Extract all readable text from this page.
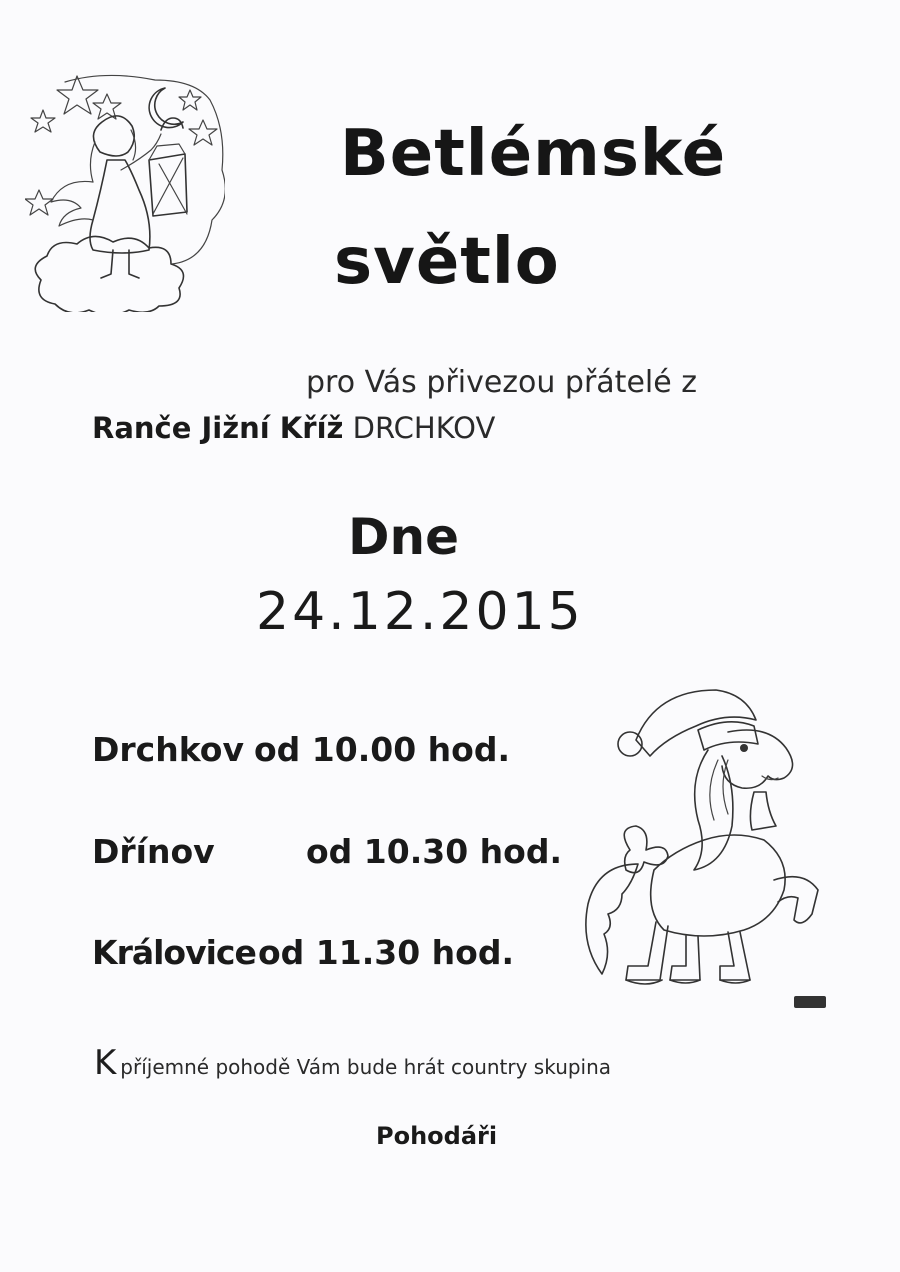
Betlémské
světlo
pro Vás přivezou přátelé z
Ranče Jižní Kříž DRCHKOV
Dne
24.12.2015
Drchkov od 10.00 hod.
Dřínov	od 10.30 hod.
Královice od 11.30 hod.
Kpříjemné pohodě Vám bude hrát country skupina
Pohodáři
